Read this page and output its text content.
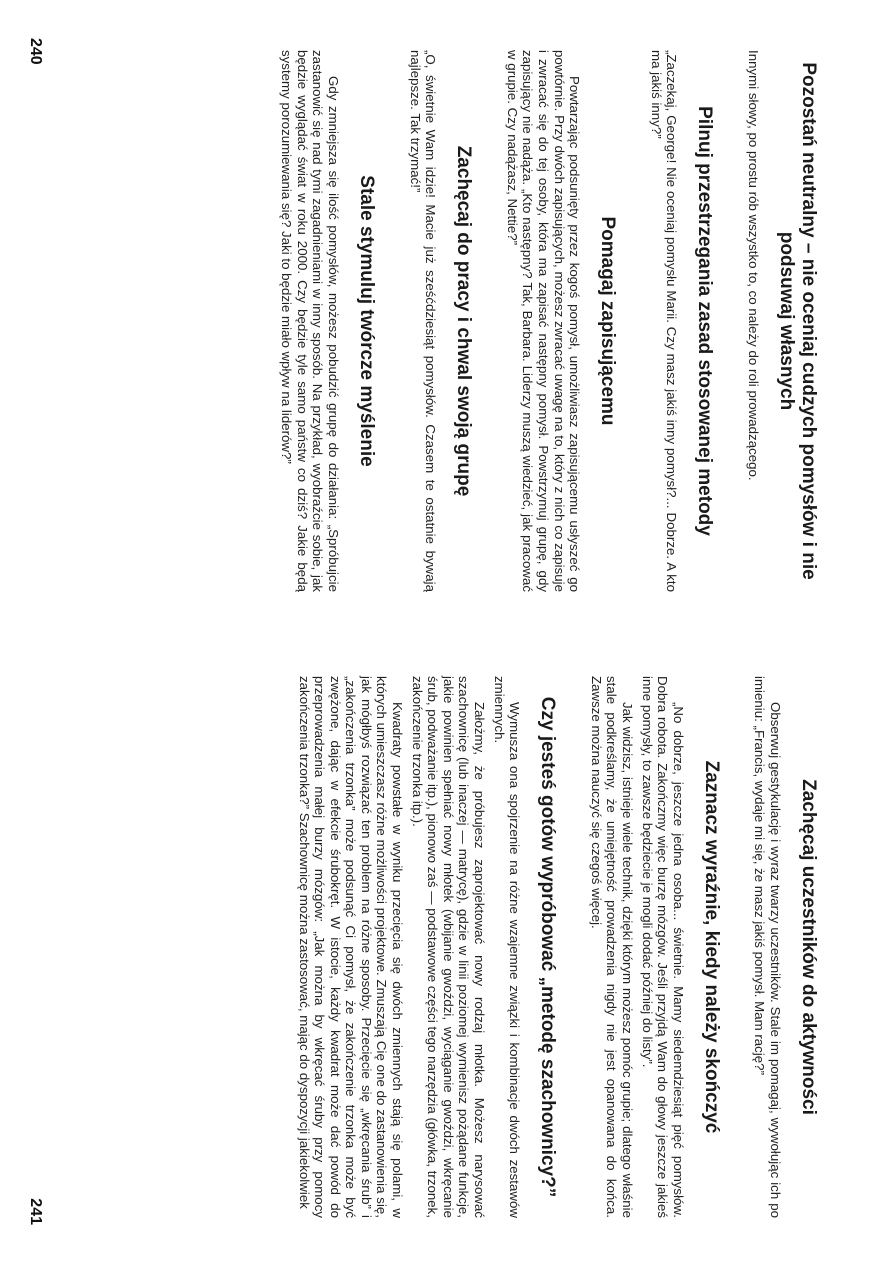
Pozostań neutralny – nie oceniaj cudzych pomysłów i nie podsuwaj własnych

Innymi słowy, po prostu rób wszystko to, co należy do roli prowadzącego.

Pilnuj przestrzegania zasad stosowanej metody

„Zaczekaj, George! Nie oceniaj pomysłu Marii. Czy masz jakiś inny pomysł?... Dobrze. A kto ma jakiś inny?”

Pomagaj zapisującemu

Powtarzając podsunięty przez kogoś pomysł, umożliwiasz zapisującemu usłyszeć go powtórnie. Przy dwóch zapisujących, możesz zwracać uwagę na to, który z nich co zapisuje i zwracać się do tej osoby, która ma zapisać następny pomysł. Powstrzymuj grupę, gdy zapisujący nie nadąża. „Kto następny? Tak, Barbara. Liderzy muszą wiedzieć, jak pracować w grupie. Czy nadążasz, Nettie?”

Zachęcaj do pracy i chwal swoją grupę

„O, świetnie Wam idzie! Macie już sześćdziesiąt pomysłów. Czasem te ostatnie bywają najlepsze. Tak trzymać!”

Stale stymuluj twórcze myślenie

Gdy zmniejsza się ilość pomysłów, możesz pobudzić grupę do działania: „Spróbujcie zastanowić się nad tymi zagadnieniami w inny sposób. Na przykład, wyobraźcie sobie, jak będzie wyglądać świat w roku 2000. Czy będzie tyle samo państw co dziś? Jakie będą systemy porozumiewania się? Jaki to będzie miało wpływ na liderów?”

240
Zachęcaj uczestników do aktywności

Obserwuj gestykulację i wyraz twarzy uczestników. Stale im pomagaj, wywołując ich po imieniu: „Francis, wydaje mi się, że masz jakiś pomysł. Mam rację?”

Zaznacz wyraźnie, kiedy należy skończyć

„No dobrze, jeszcze jedna osoba... świetnie. Mamy siedemdziesiąt pięć pomysłów. Dobra robota. Zakończmy więc burzę mózgów. Jeśli przyjdą Wam do głowy jeszcze jakieś inne pomysły, to zawsze będziecie je mogli dodać później do listy”.

Jak widzisz, istnieje wiele technik, dzięki którym możesz pomóc grupie; dlatego właśnie stale podkreślamy, że umiejętność prowadzenia nigdy nie jest opanowana do końca. Zawsze można nauczyć się czegoś więcej.

Czy jesteś gotów wypróbować „metodę szachownicy?”

Wymusza ona spojrzenie na różne wzajemne związki i kombinacje dwóch zestawów zmiennych.

Założmy, że próbujesz zaprojektować nowy rodzaj młotka. Możesz narysować szachownicę (lub inaczej — matrycę), gdzie w linii poziomej wymienisz pożądane funkcje, jakie powinien spełniać nowy młotek (wbijanie gwoździ, wyciąganie gwoździ, wkręcanie śrub, podważanie itp.), pionowo zaś — podstawowe części tego narzędzia (główka, trzonek, zakończenie trzonka itp.).

Kwadraty powstałe w wyniku przecięcia się dwóch zmiennych stają się polami, w których umieszczasz różne możliwości projektowe. Zmuszają Cię one do zastanowienia się, jak mógłbyś rozwiązać ten problem na różne sposoby. Przecięcie się „wkręcania śrub” i „zakończenia trzonka” może podsunąć Ci pomysł, że zakończenie trzonka może być zwężone, dając w efekcie śrubokręt. W istocie, każdy kwadrat może dać powód do przeprowadzenia małej burzy mózgów: „Jak można by wkręcać śruby przy pomocy zakończenia trzonka?” Szachownicę można zastosować, mając do dyspozycji jakiekolwiek

241
